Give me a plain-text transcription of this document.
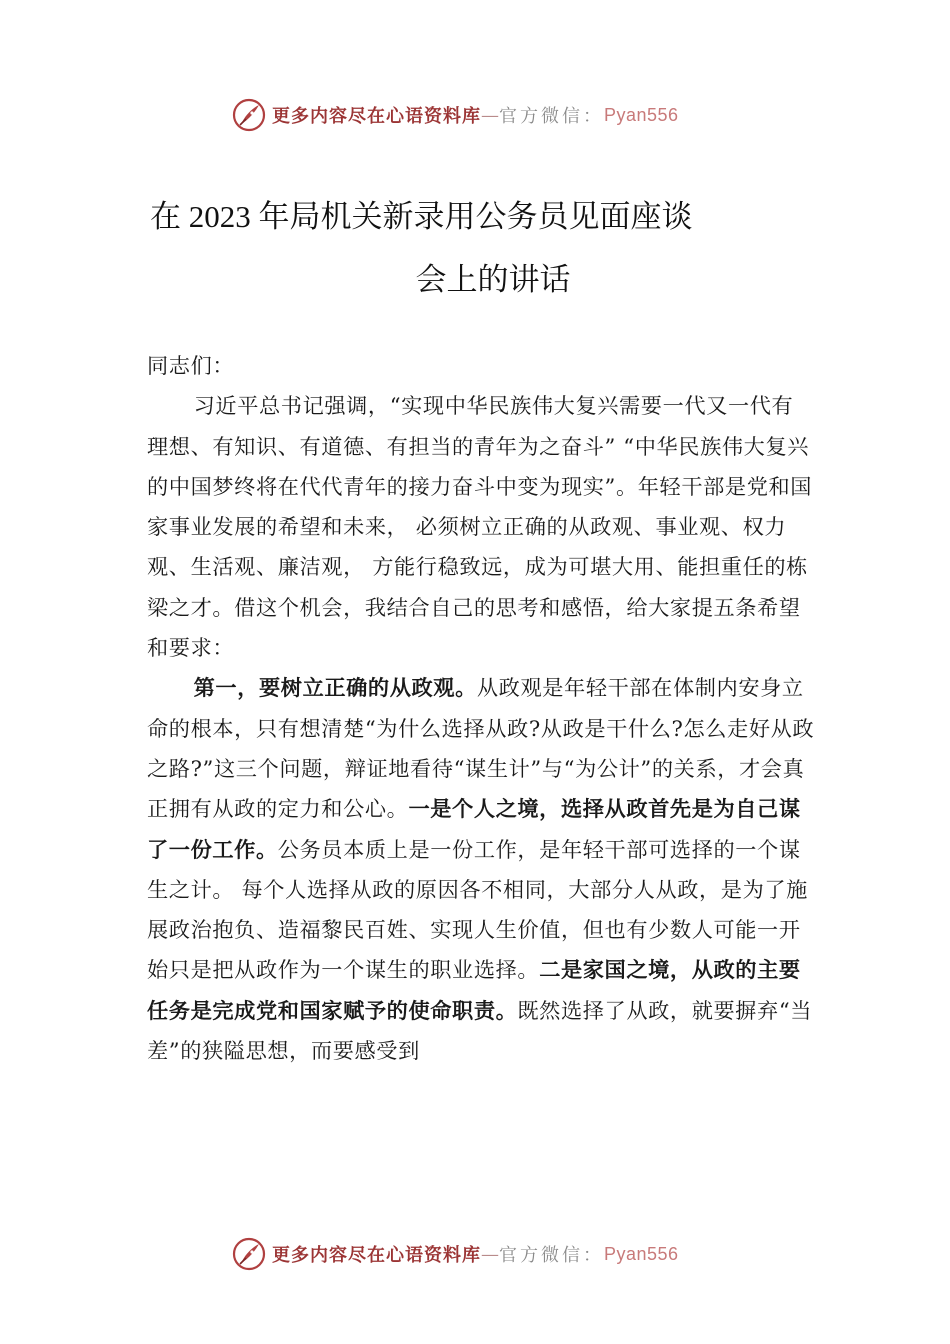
更多内容尽在心语资料库 — 官方微信： Pyan556
在 2023 年局机关新录用公务员见面座谈
会上的讲话

同志们：

习近平总书记强调，“实现中华民族伟大复兴需要一代又一代有理想、有知识、有道德、有担当的青年为之奋斗” “中华民族伟大复兴的中国梦终将在代代青年的接力奋斗中变为现实”。年轻干部是党和国家事业发展的希望和未来， 必须树立正确的从政观、事业观、权力观、生活观、廉洁观， 方能行稳致远，成为可堪大用、能担重任的栋梁之才。借这个机会，我结合自己的思考和感悟，给大家提五条希望和要求：

第一，要树立正确的从政观。从政观是年轻干部在体制内安身立命的根本，只有想清楚“为什么选择从政?从政是干什么?怎么走好从政之路?”这三个问题，辩证地看待“谋生计”与“为公计”的关系，才会真正拥有从政的定力和公心。一是个人之境，选择从政首先是为自己谋了一份工作。公务员本质上是一份工作，是年轻干部可选择的一个谋生之计。 每个人选择从政的原因各不相同，大部分人从政，是为了施展政治抱负、造福黎民百姓、实现人生价值，但也有少数人可能一开始只是把从政作为一个谋生的职业选择。二是家国之境，从政的主要任务是完成党和国家赋予的使命职责。既然选择了从政，就要摒弃“当差”的狭隘思想，而要感受到

更多内容尽在心语资料库 — 官方微信： Pyan556
